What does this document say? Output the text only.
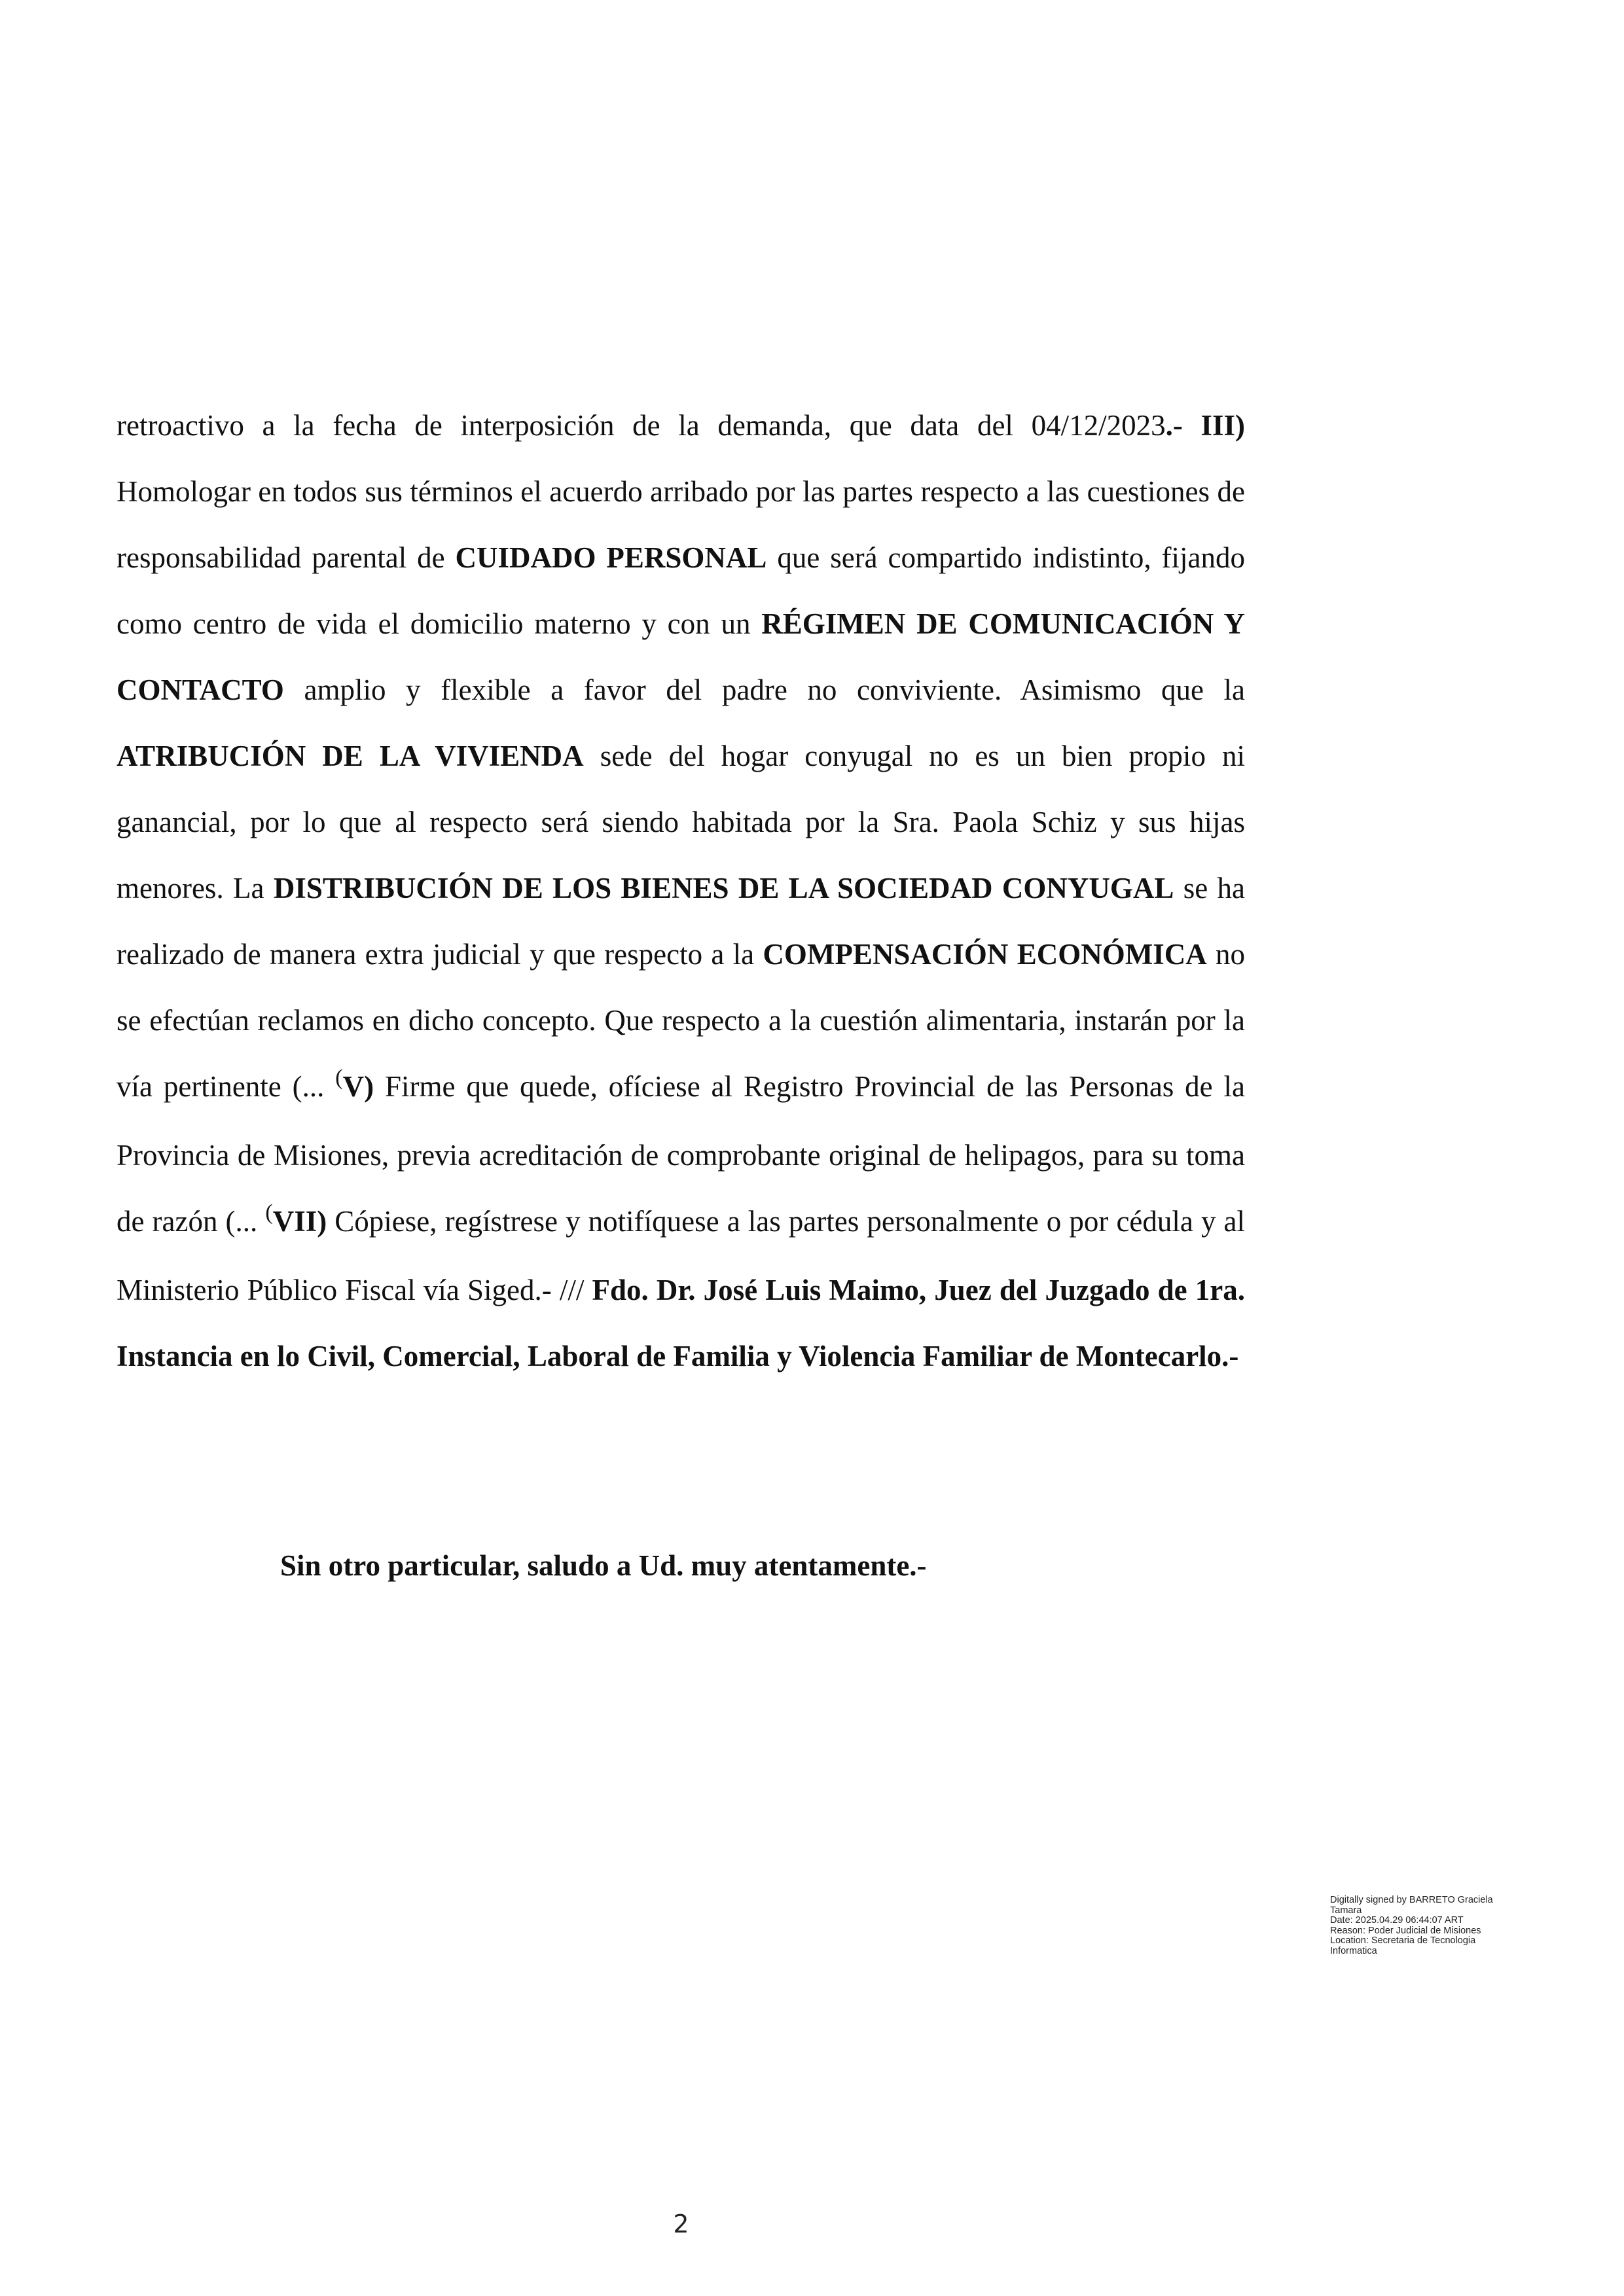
retroactivo a la fecha de interposición de la demanda, que data del 04/12/2023.- III) Homologar en todos sus términos el acuerdo arribado por las partes respecto a las cuestiones de responsabilidad parental de CUIDADO PERSONAL que será compartido indistinto, fijando como centro de vida el domicilio materno y con un RÉGIMEN DE COMUNICACIÓN Y CONTACTO amplio y flexible a favor del padre no conviviente. Asimismo que la ATRIBUCIÓN DE LA VIVIENDA sede del hogar conyugal no es un bien propio ni ganancial, por lo que al respecto será siendo habitada por la Sra. Paola Schiz y sus hijas menores. La DISTRIBUCIÓN DE LOS BIENES DE LA SOCIEDAD CONYUGAL se ha realizado de manera extra judicial y que respecto a la COMPENSACIÓN ECONÓMICA no se efectúan reclamos en dicho concepto. Que respecto a la cuestión alimentaria, instarán por la vía pertinente (... (V) Firme que quede, ofíciese al Registro Provincial de las Personas de la Provincia de Misiones, previa acreditación de comprobante original de helipagos, para su toma de razón (... (VII) Cópiese, regístrese y notifíquese a las partes personalmente o por cédula y al Ministerio Público Fiscal vía Siged.- /// Fdo. Dr. José Luis Maimo, Juez del Juzgado de 1ra. Instancia en lo Civil, Comercial, Laboral de Familia y Violencia Familiar de Montecarlo.-

Sin otro particular, saludo a Ud. muy atentamente.-

Digitally signed by BARRETO Graciela
Tamara
Date: 2025.04.29 06:44:07 ART
Reason: Poder Judicial de Misiones
Location: Secretaria de Tecnologia
Informatica
2
